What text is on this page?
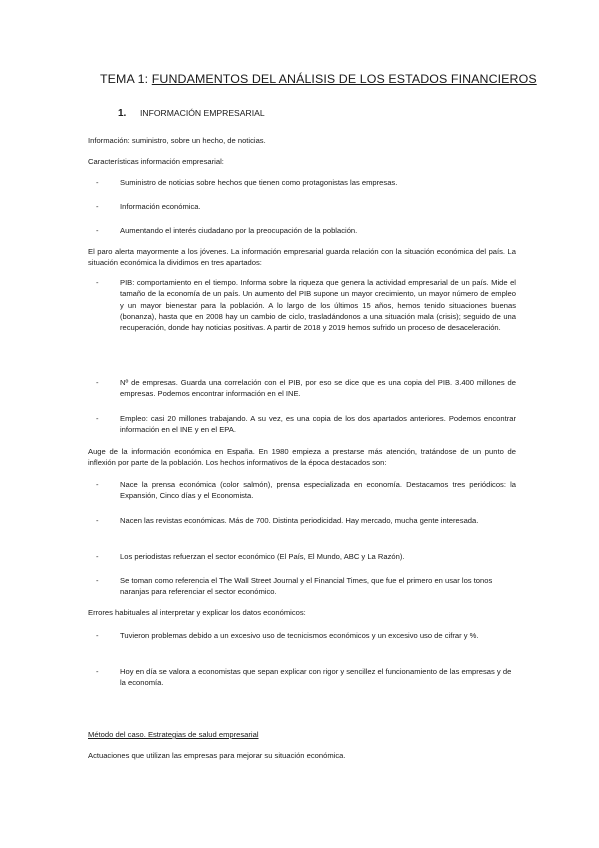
TEMA 1: FUNDAMENTOS DEL ANÁLISIS DE LOS ESTADOS FINANCIEROS
1. INFORMACIÓN EMPRESARIAL
Información: suministro, sobre un hecho, de noticias.
Características información empresarial:
-	Suministro de noticias sobre hechos que tienen como protagonistas las empresas.
-	Información económica.
-	Aumentando el interés ciudadano por la preocupación de la población.
El paro alerta mayormente a los jóvenes. La información empresarial guarda relación con la situación económica del país. La situación económica la dividimos en tres apartados:
-	PIB: comportamiento en el tiempo. Informa sobre la riqueza que genera la actividad empresarial de un país. Mide el tamaño de la economía de un país. Un aumento del PIB supone un mayor crecimiento, un mayor número de empleo y un mayor bienestar para la población. A lo largo de los últimos 15 años, hemos tenido situaciones buenas (bonanza), hasta que en 2008 hay un cambio de ciclo, trasladándonos a una situación mala (crisis); seguido de una recuperación, donde hay noticias positivas. A partir de 2018 y 2019 hemos sufrido un proceso de desaceleración.
-	Nº de empresas. Guarda una correlación con el PIB, por eso se dice que es una copia del PIB. 3.400 millones de empresas. Podemos encontrar información en el INE.
-	Empleo: casi 20 millones trabajando. A su vez, es una copia de los dos apartados anteriores. Podemos encontrar información en el INE y en el EPA.
Auge de la información económica en España. En 1980 empieza a prestarse más atención, tratándose de un punto de inflexión por parte de la población. Los hechos informativos de la época destacados son:
-	Nace la prensa económica (color salmón), prensa especializada en economía. Destacamos tres periódicos: la Expansión, Cinco días y el Economista.
-	Nacen las revistas económicas. Más de 700. Distinta periodicidad. Hay mercado, mucha gente interesada.
-	Los periodistas refuerzan el sector económico (El País, El Mundo, ABC y La Razón).
-	Se toman como referencia el The Wall Street Journal y el Financial Times, que fue el primero en usar los tonos naranjas para referenciar el sector económico.
Errores habituales al interpretar y explicar los datos económicos:
-	Tuvieron problemas debido a un excesivo uso de tecnicismos económicos y un excesivo uso de cifrar y %.
-	Hoy en día se valora a economistas que sepan explicar con rigor y sencillez el funcionamiento de las empresas y de la economía.
Método del caso. Estrategias de salud empresarial
Actuaciones que utilizan las empresas para mejorar su situación económica.
